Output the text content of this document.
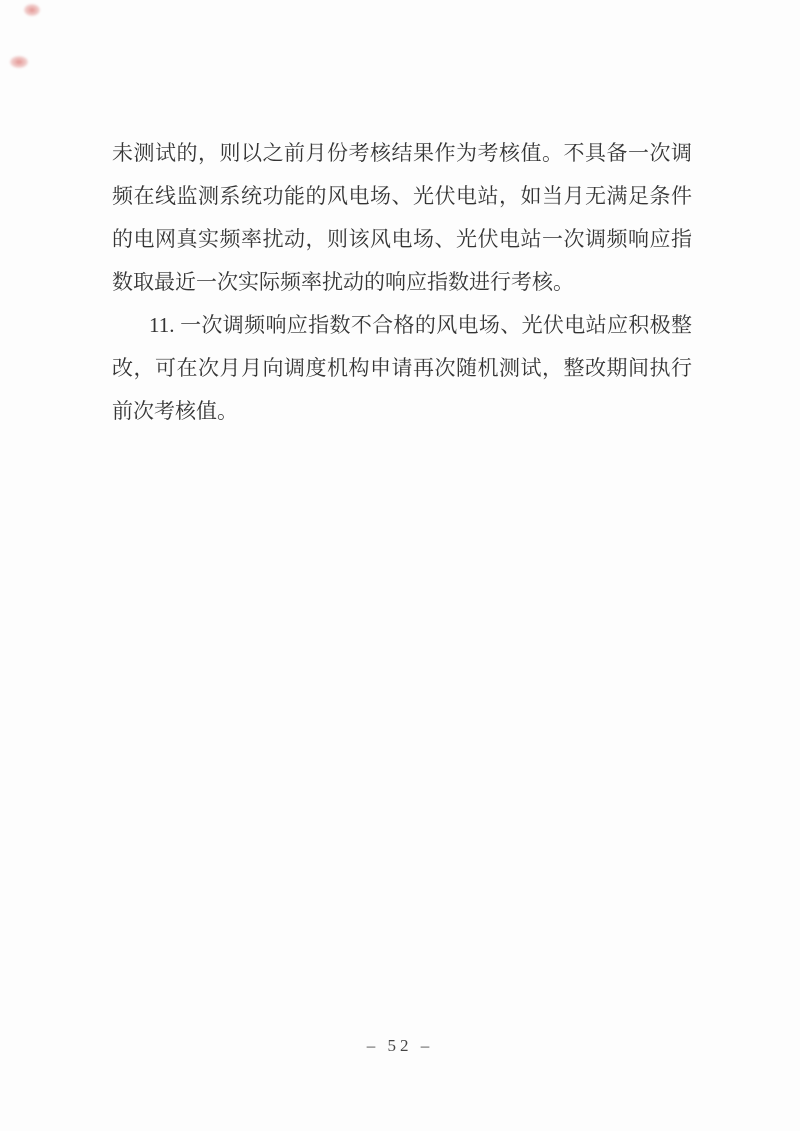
未测试的，则以之前月份考核结果作为考核值。不具备一次调
频在线监测系统功能的风电场、光伏电站，如当月无满足条件
的电网真实频率扰动，则该风电场、光伏电站一次调频响应指
数取最近一次实际频率扰动的响应指数进行考核。
11. 一次调频响应指数不合格的风电场、光伏电站应积极整
改，可在次月月向调度机构申请再次随机测试，整改期间执行
前次考核值。
– 52 –
